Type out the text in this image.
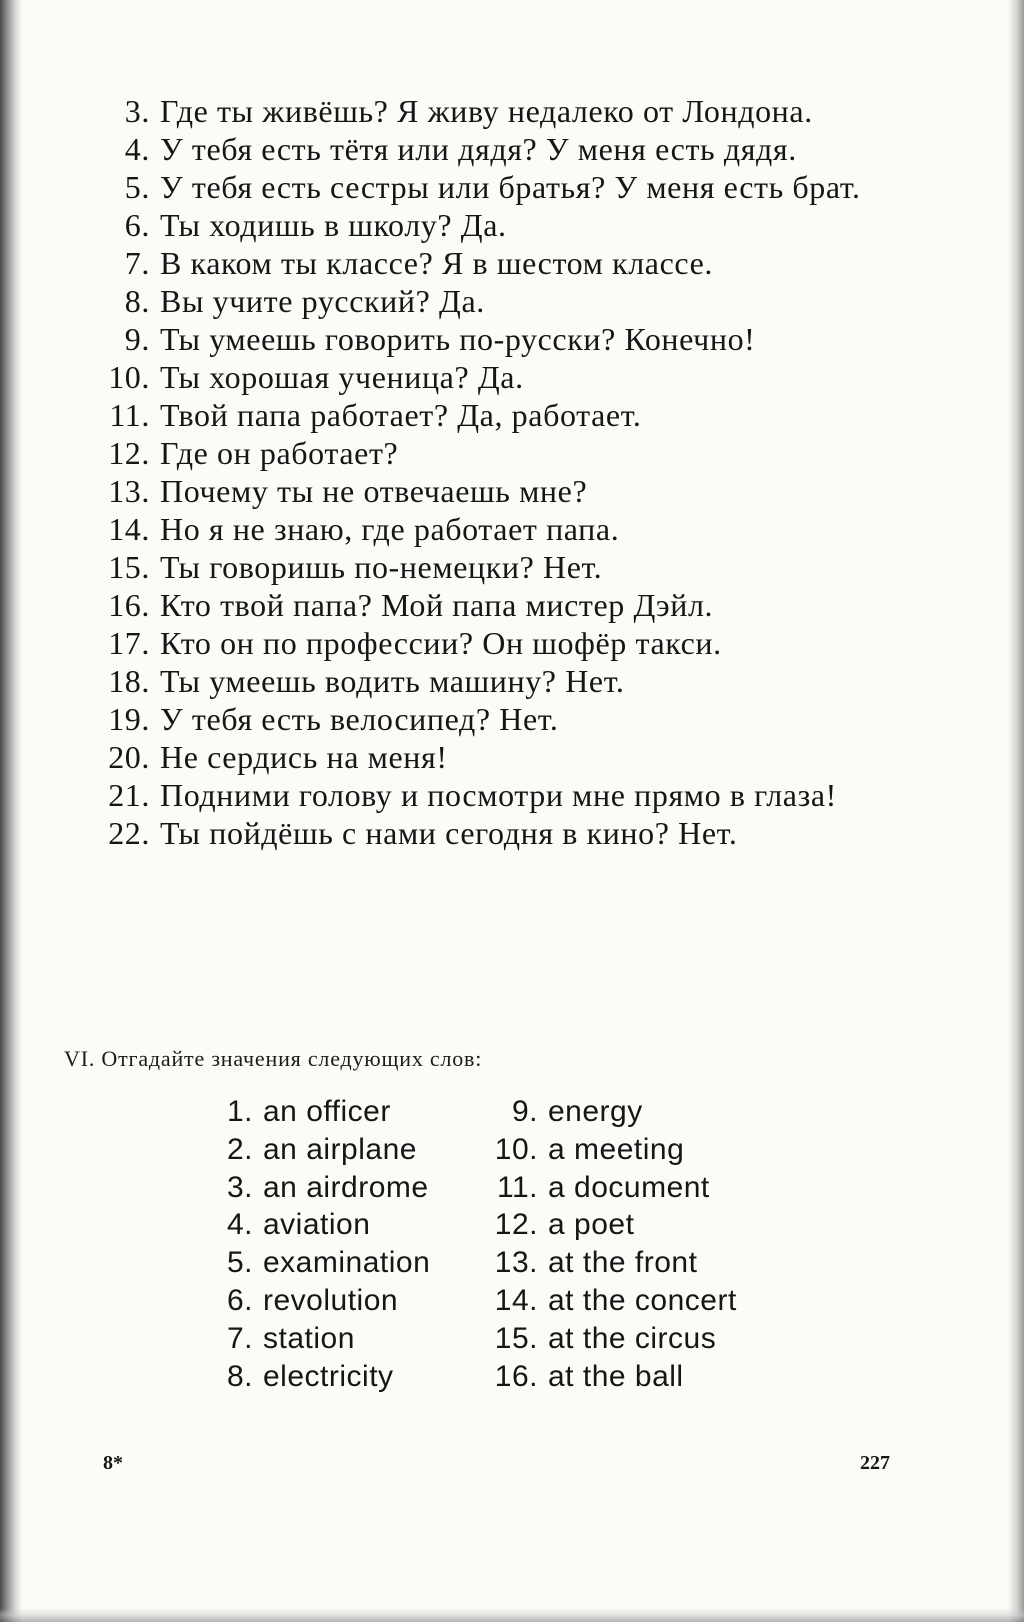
3. Где ты живёшь? Я живу недалеко от Лондона.
4. У тебя есть тётя или дядя? У меня есть дядя.
5. У тебя есть сестры или братья? У меня есть брат.
6. Ты ходишь в школу? Да.
7. В каком ты классе? Я в шестом классе.
8. Вы учите русский? Да.
9. Ты умеешь говорить по-русски? Конечно!
10. Ты хорошая ученица? Да.
11. Твой папа работает? Да, работает.
12. Где он работает?
13. Почему ты не отвечаешь мне?
14. Но я не знаю, где работает папа.
15. Ты говоришь по-немецки? Нет.
16. Кто твой папа? Мой папа мистер Дэйл.
17. Кто он по профессии? Он шофёр такси.
18. Ты умеешь водить машину? Нет.
19. У тебя есть велосипед? Нет.
20. Не сердись на меня!
21. Подними голову и посмотри мне прямо в глаза!
22. Ты пойдёшь с нами сегодня в кино? Нет.
VI. Отгадайте значения следующих слов:
1. an officer
2. an airplane
3. an airdrome
4. aviation
5. examination
6. revolution
7. station
8. electricity
9. energy
10. a meeting
11. a document
12. a poet
13. at the front
14. at the concert
15. at the circus
16. at the ball
8*	227
